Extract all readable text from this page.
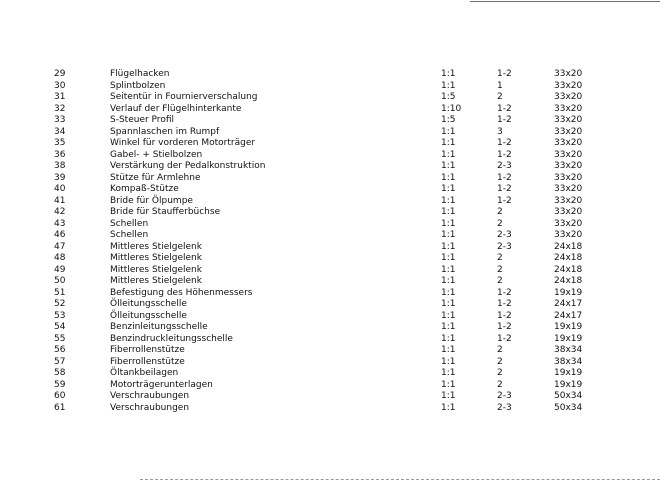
29	Flügelhacken	1:1	1-2	33x20
30	Splintbolzen	1:1	1	33x20
31	Seitentür in Fournierverschalung	1:5	2	33x20
32	Verlauf der Flügelhinterkante	1:10	1-2	33x20
33	S-Steuer Profil	1:5	1-2	33x20
34	Spannlaschen im Rumpf	1:1	3	33x20
35	Winkel für vorderen Motorträger	1:1	1-2	33x20
36	Gabel- + Stielbolzen	1:1	1-2	33x20
38	Verstärkung der Pedalkonstruktion	1:1	2-3	33x20
39	Stütze für Armlehne	1:1	1-2	33x20
40	Kompaß-Stütze	1:1	1-2	33x20
41	Bride für Ölpumpe	1:1	1-2	33x20
42	Bride für Staufferbüchse	1:1	2	33x20
43	Schellen	1:1	2	33x20
46	Schellen	1:1	2-3	33x20
47	Mittleres Stielgelenk	1:1	2-3	24x18
48	Mittleres Stielgelenk	1:1	2	24x18
49	Mittleres Stielgelenk	1:1	2	24x18
50	Mittleres Stielgelenk	1:1	2	24x18
51	Befestigung des Höhenmessers	1:1	1-2	19x19
52	Ölleitungsschelle	1:1	1-2	24x17
53	Ölleitungsschelle	1:1	1-2	24x17
54	Benzinleitungsschelle	1:1	1-2	19x19
55	Benzindruckleitungsschelle	1:1	1-2	19x19
56	Fiberrollenstütze	1:1	2	38x34
57	Fiberrollenstütze	1:1	2	38x34
58	Öltankbeilagen	1:1	2	19x19
59	Motorträgerunterlagen	1:1	2	19x19
60	Verschraubungen	1:1	2-3	50x34
61	Verschraubungen	1:1	2-3	50x34
